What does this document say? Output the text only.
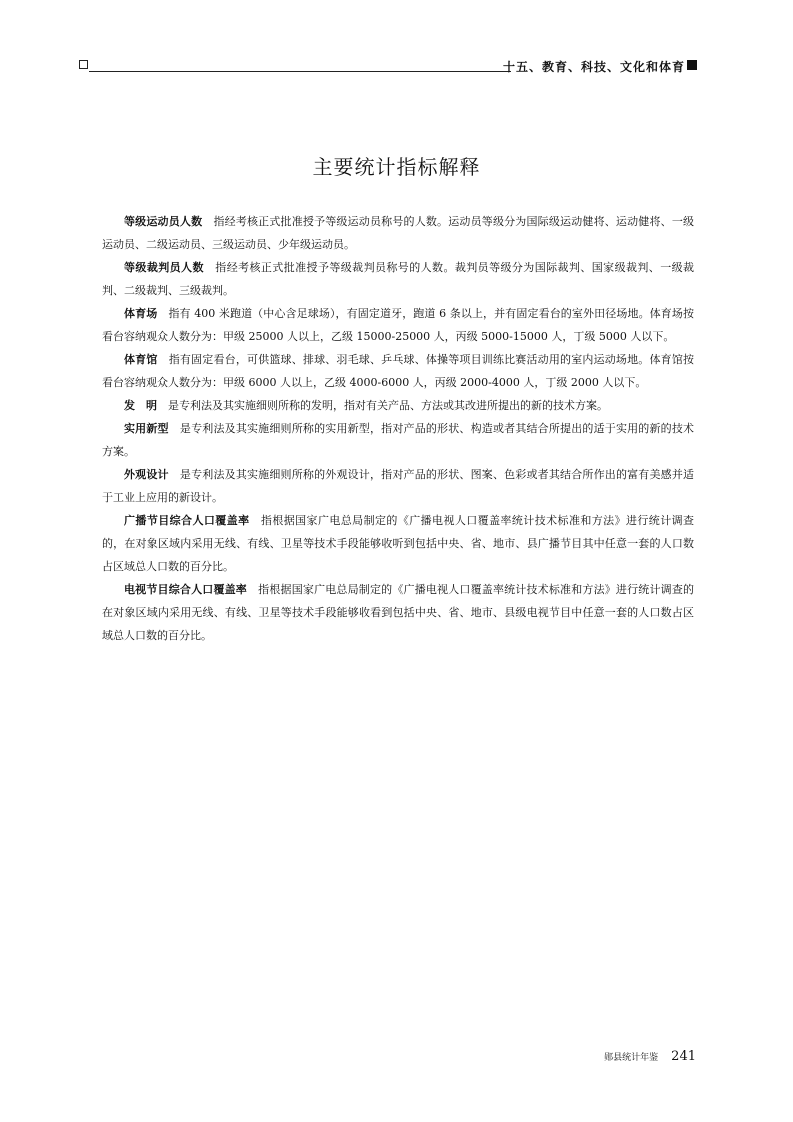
十五、教育、科技、文化和体育
主要统计指标解释

等级运动员人数　 指经考核正式批准授予等级运动员称号的人数。运动员等级分为国际级运动健将、运动健将、一级运动员、二级运动员、三级运动员、少年级运动员。

等级裁判员人数　 指经考核正式批准授予等级裁判员称号的人数。裁判员等级分为国际裁判、国家级裁判、一级裁判、二级裁判、三级裁判。

体育场　 指有 400 米跑道（中心含足球场），有固定道牙，跑道 6 条以上，并有固定看台的室外田径场地。体育场按看台容纳观众人数分为：甲级 25000 人以上，乙级 15000-25000 人，丙级 5000-15000 人，丁级 5000 人以下。

体育馆　 指有固定看台，可供篮球、排球、羽毛球、乒乓球、体操等项目训练比赛活动用的室内运动场地。体育馆按看台容纳观众人数分为：甲级 6000 人以上，乙级 4000-6000 人，丙级 2000-4000 人，丁级 2000 人以下。

发　明　 是专利法及其实施细则所称的发明，指对有关产品、方法或其改进所提出的新的技术方案。

实用新型　 是专利法及其实施细则所称的实用新型，指对产品的形状、构造或者其结合所提出的适于实用的新的技术方案。

外观设计　 是专利法及其实施细则所称的外观设计，指对产品的形状、图案、色彩或者其结合所作出的富有美感并适于工业上应用的新设计。

广播节目综合人口覆盖率　 指根据国家广电总局制定的《广播电视人口覆盖率统计技术标准和方法》进行统计调查的，在对象区域内采用无线、有线、卫星等技术手段能够收听到包括中央、省、地市、县广播节目其中任意一套的人口数占区域总人口数的百分比。

电视节目综合人口覆盖率　 指根据国家广电总局制定的《广播电视人口覆盖率统计技术标准和方法》进行统计调查的在对象区域内采用无线、有线、卫星等技术手段能够收看到包括中央、省、地市、县级电视节目中任意一套的人口数占区域总人口数的百分比。

郧县统计年鉴 241
